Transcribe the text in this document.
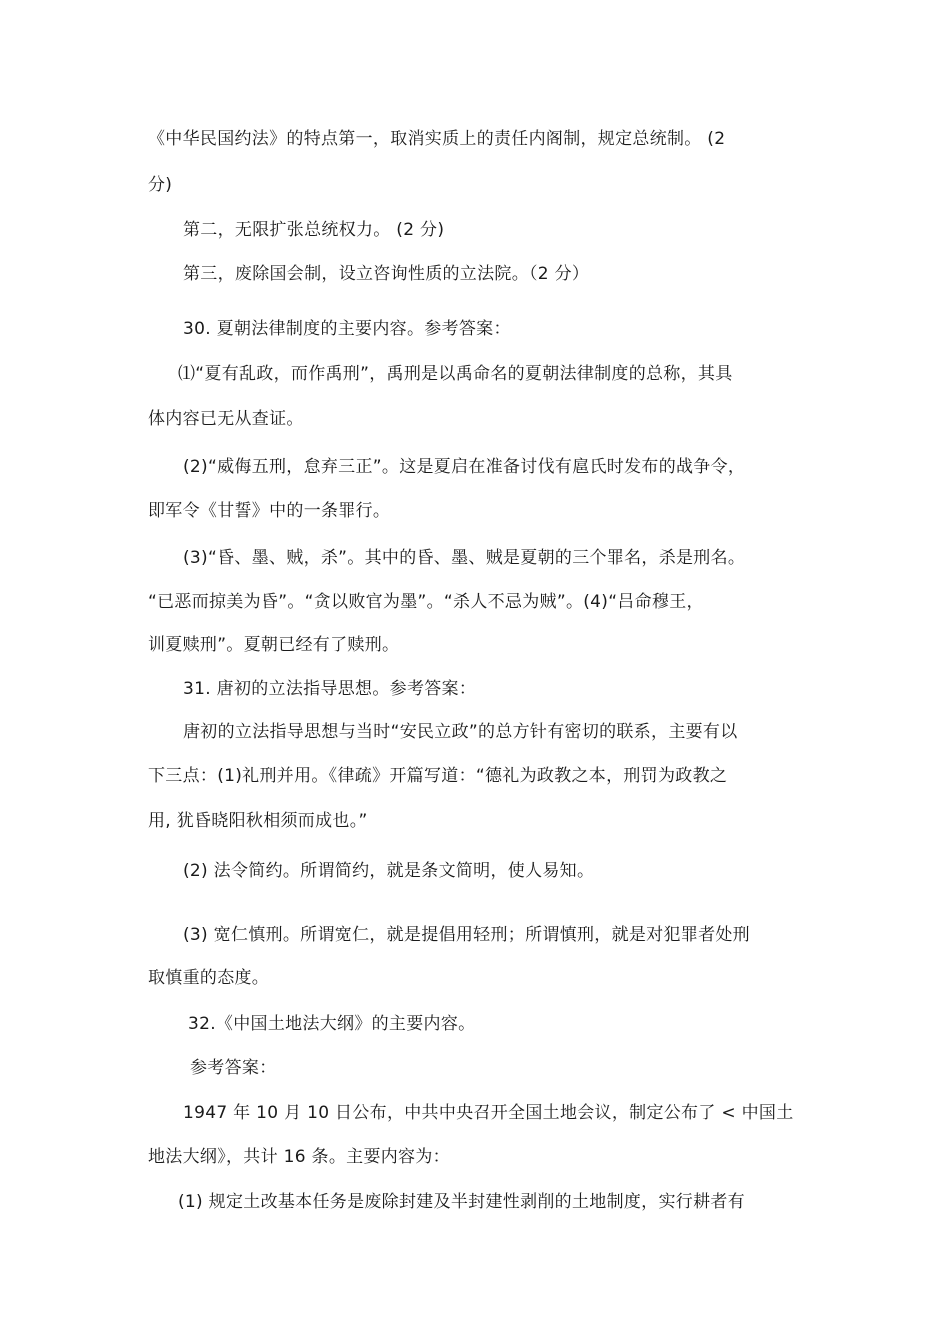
《中华民国约法》的特点第一，取消实质上的责任内阁制，规定总统制。 (2
分)
第二，无限扩张总统权力。 (2 分)
第三，废除国会制，设立咨询性质的立法院。（2 分）
30. 夏朝法律制度的主要内容。参考答案：
⑴“夏有乱政，而作禹刑”，禹刑是以禹命名的夏朝法律制度的总称，其具
体内容已无从查证。
(2)“威侮五刑，怠弃三正”。这是夏启在准备讨伐有扈氏时发布的战争令，
即军令《甘誓》中的一条罪行。
(3)“昏、墨、贼，杀”。其中的昏、墨、贼是夏朝的三个罪名，杀是刑名。
“已恶而掠美为昏”。“贪以败官为墨”。“杀人不忌为贼”。(4)“吕命穆王，
训夏赎刑”。夏朝已经有了赎刑。
31. 唐初的立法指导思想。参考答案：
唐初的立法指导思想与当时“安民立政”的总方针有密切的联系，主要有以
下三点：(1)礼刑并用。《律疏》开篇写道：“德礼为政教之本，刑罚为政教之
用, 犹昏晓阳秋相须而成也。”
(2) 法令简约。所谓简约，就是条文简明，使人易知。
(3) 宽仁慎刑。所谓宽仁，就是提倡用轻刑；所谓慎刑，就是对犯罪者处刑
取慎重的态度。
32.《中国土地法大纲》的主要内容。
参考答案：
1947 年 10 月 10 日公布，中共中央召开全国土地会议，制定公布了 < 中国土
地法大纲》，共计 16 条。主要内容为：
(1) 规定土改基本任务是废除封建及半封建性剥削的土地制度，实行耕者有
